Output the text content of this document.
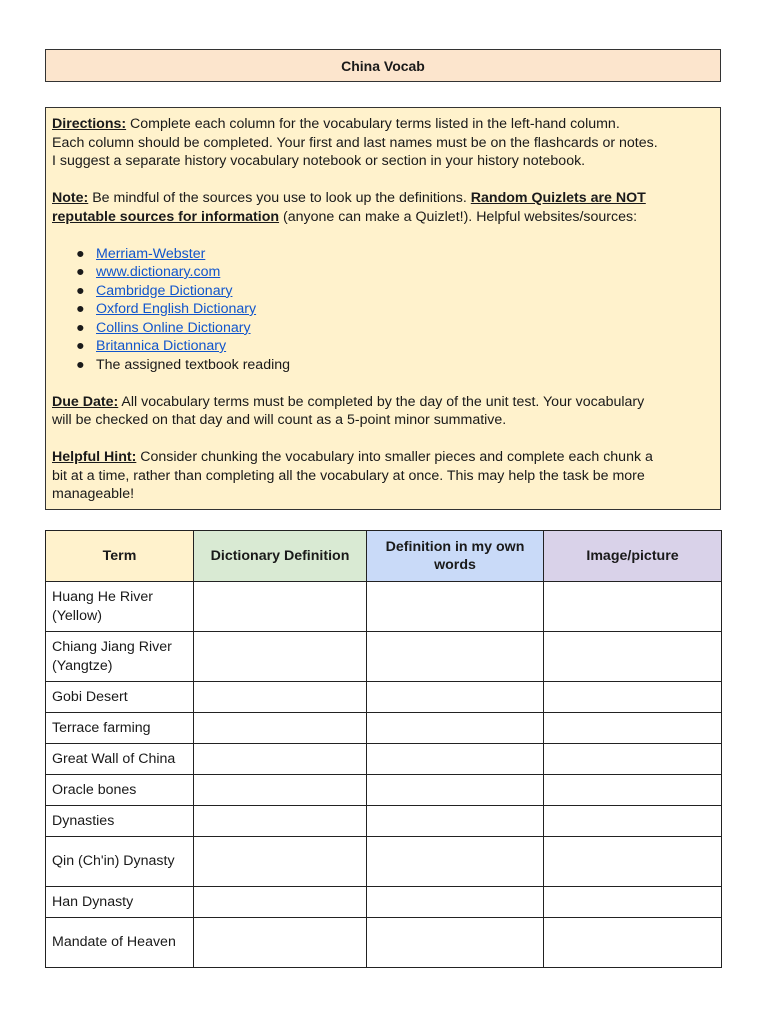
China Vocab

Directions: Complete each column for the vocabulary terms listed in the left-hand column.
Each column should be completed. Your first and last names must be on the flashcards or notes.
I suggest a separate history vocabulary notebook or section in your history notebook.

Note: Be mindful of the sources you use to look up the definitions. Random Quizlets are NOT
reputable sources for information (anyone can make a Quizlet!). Helpful websites/sources:

● Merriam-Webster
● www.dictionary.com
● Cambridge Dictionary
● Oxford English Dictionary
● Collins Online Dictionary
● Britannica Dictionary
● The assigned textbook reading

Due Date: All vocabulary terms must be completed by the day of the unit test. Your vocabulary
will be checked on that day and will count as a 5-point minor summative.

Helpful Hint: Consider chunking the vocabulary into smaller pieces and complete each chunk a
bit at a time, rather than completing all the vocabulary at once. This may help the task be more
manageable!

Term	Dictionary Definition	Definition in my own words	Image/picture
Huang He River (Yellow)			
Chiang Jiang River (Yangtze)			
Gobi Desert			
Terrace farming			
Great Wall of China			
Oracle bones			
Dynasties			
Qin (Ch'in) Dynasty			
Han Dynasty			
Mandate of Heaven			
